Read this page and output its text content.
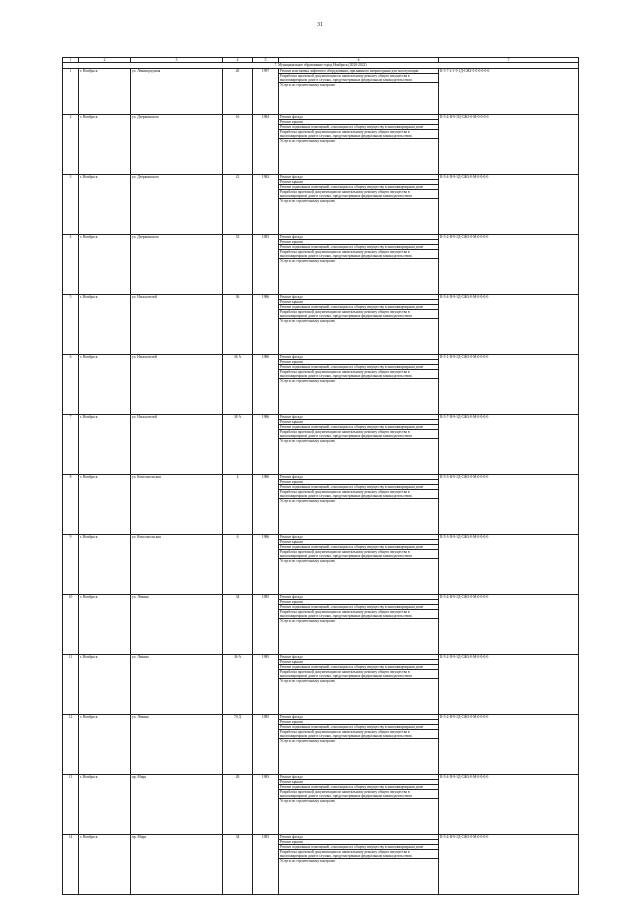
31
1	2	3	4	5	6	7
7. Муниципальное образование город Ноябрьск (2020-2022)
1	г. Ноябрьск	ул. Ленинградская	20	1997		Ремонт или замена лифтового оборудования, признанного непригодным для эксплуатации
Разработка проектной документации по капитальному ремонту общего имущества в многоквартирном доме в случаях, предусмотренных федеральным законодательством
Услуги по строительному контролю
	II-5-7-2-1-9-1Д-СЖЗ-5-0-0-0-0-0
2	г. Ноябрьск	ул. Дзержинского	16	1984		Ремонт фасада
Ремонт крыши
Ремонт подвальных помещений, относящихся к общему имуществу в многоквартирном доме
Разработка проектной документации по капитальному ремонту общего имущества в многоквартирном доме в случаях, предусмотренных федеральным законодательством
Услуги по строительному контролю
	II-5-4-II-9-1Ц-СЖЗ-0-М-0-0-0-0
3	г. Ноябрьск	ул. Дзержинского	21	1982		Ремонт фасада
Ремонт крыши
Ремонт подвальных помещений, относящихся к общему имуществу в многоквартирном доме
Разработка проектной документации по капитальному ремонту общего имущества в многоквартирном доме в случаях, предусмотренных федеральным законодательством
Услуги по строительному контролю
	II-5-4-II-9-1Д-СЖЗ-0-М-0-0-0-0
4	г. Ноябрьск	ул. Дзержинского	33	1983		Ремонт фасада
Ремонт крыши
Ремонт подвальных помещений, относящихся к общему имуществу в многоквартирном доме
Разработка проектной документации по капитальному ремонту общего имущества в многоквартирном доме в случаях, предусмотренных федеральным законодательством
Услуги по строительному контролю
	II-5-2-II-9-1Д-СЖЗ-0-М-0-0-0-0
5	г. Ноябрьск	ул. Изыскателей	36	1986		Ремонт фасада
Ремонт крыши
Ремонт подвальных помещений, относящихся к общему имуществу в многоквартирном доме
Разработка проектной документации по капитальному ремонту общего имущества в многоквартирном доме в случаях, предусмотренных федеральным законодательством
Услуги по строительному контролю
	II-5-4-II-9-1Д-СЖЗ-0-М-0-0-0-0
6	г. Ноябрьск	ул. Изыскателей	36 А	1986		Ремонт фасада
Ремонт крыши
Ремонт подвальных помещений, относящихся к общему имуществу в многоквартирном доме
Разработка проектной документации по капитальному ремонту общего имущества в многоквартирном доме в случаях, предусмотренных федеральным законодательством
Услуги по строительному контролю
	II-5-1-II-9-1Д-СЖЗ-0-М-0-0-0-0
7	г. Ноябрьск	ул. Изыскателей	38 А	1986		Ремонт фасада
Ремонт крыши
Ремонт подвальных помещений, относящихся к общему имуществу в многоквартирном доме
Разработка проектной документации по капитальному ремонту общего имущества в многоквартирном доме в случаях, предусмотренных федеральным законодательством
Услуги по строительному контролю
	II-5-7-II-9-1Д-СЖЗ-0-М-0-0-0-0
8	г. Ноябрьск	ул. Комсомольская	4	1986		Ремонт фасада
Ремонт крыши
Ремонт подвальных помещений, относящихся к общему имуществу в многоквартирном доме
Разработка проектной документации по капитальному ремонту общего имущества в многоквартирном доме в случаях, предусмотренных федеральным законодательством
Услуги по строительному контролю
	II-5-3-II-9-1Д-СЖЗ-0-М-0-0-0-0
9	г. Ноябрьск	ул. Комсомольская	6	1986		Ремонт фасада
Ремонт крыши
Ремонт подвальных помещений, относящихся к общему имуществу в многоквартирном доме
Разработка проектной документации по капитальному ремонту общего имущества в многоквартирном доме в случаях, предусмотренных федеральным законодательством
Услуги по строительному контролю
	II-5-3-II-9-1Д-СЖЗ-0-М-0-0-0-0
10	г. Ноябрьск	ул. Ленина	34	1985		Ремонт фасада
Ремонт крыши
Ремонт подвальных помещений, относящихся к общему имуществу в многоквартирном доме
Разработка проектной документации по капитальному ремонту общего имущества в многоквартирном доме в случаях, предусмотренных федеральным законодательством
Услуги по строительному контролю
	II-5-4-II-9-1Д-СЖЗ-0-М-0-0-0-0
11	г. Ноябрьск	ул. Ленина	36 А	1985		Ремонт фасада
Ремонт крыши
Ремонт подвальных помещений, относящихся к общему имуществу в многоквартирном доме
Разработка проектной документации по капитальному ремонту общего имущества в многоквартирном доме в случаях, предусмотренных федеральным законодательством
Услуги по строительному контролю
	II-5-2-II-9-1Д-СЖЗ-0-М-0-0-0-0
12	г. Ноябрьск	ул. Ленина	70 Д	1985		Ремонт фасада
Ремонт крыши
Ремонт подвальных помещений, относящихся к общему имуществу в многоквартирном доме
Разработка проектной документации по капитальному ремонту общего имущества в многоквартирном доме в случаях, предусмотренных федеральным законодательством
Услуги по строительному контролю
	II-5-2-II-9-1Д-СЖЗ-0-М-0-0-0-0
13	г. Ноябрьск	пр. Мира	28	1983		Ремонт фасада
Ремонт крыши
Ремонт подвальных помещений, относящихся к общему имуществу в многоквартирном доме
Разработка проектной документации по капитальному ремонту общего имущества в многоквартирном доме в случаях, предусмотренных федеральным законодательством
Услуги по строительному контролю
	II-5-4-II-9-1Д-СЖЗ-0-М-0-0-0-0
14	г. Ноябрьск	пр. Мира	34	1983		Ремонт фасада
Ремонт крыши
Ремонт подвальных помещений, относящихся к общему имуществу в многоквартирном доме
Разработка проектной документации по капитальному ремонту общего имущества в многоквартирном доме в случаях, предусмотренных федеральным законодательством
Услуги по строительному контролю
	II-5-4-II-9-1Д-СЖЗ-0-М-0-0-0-0
